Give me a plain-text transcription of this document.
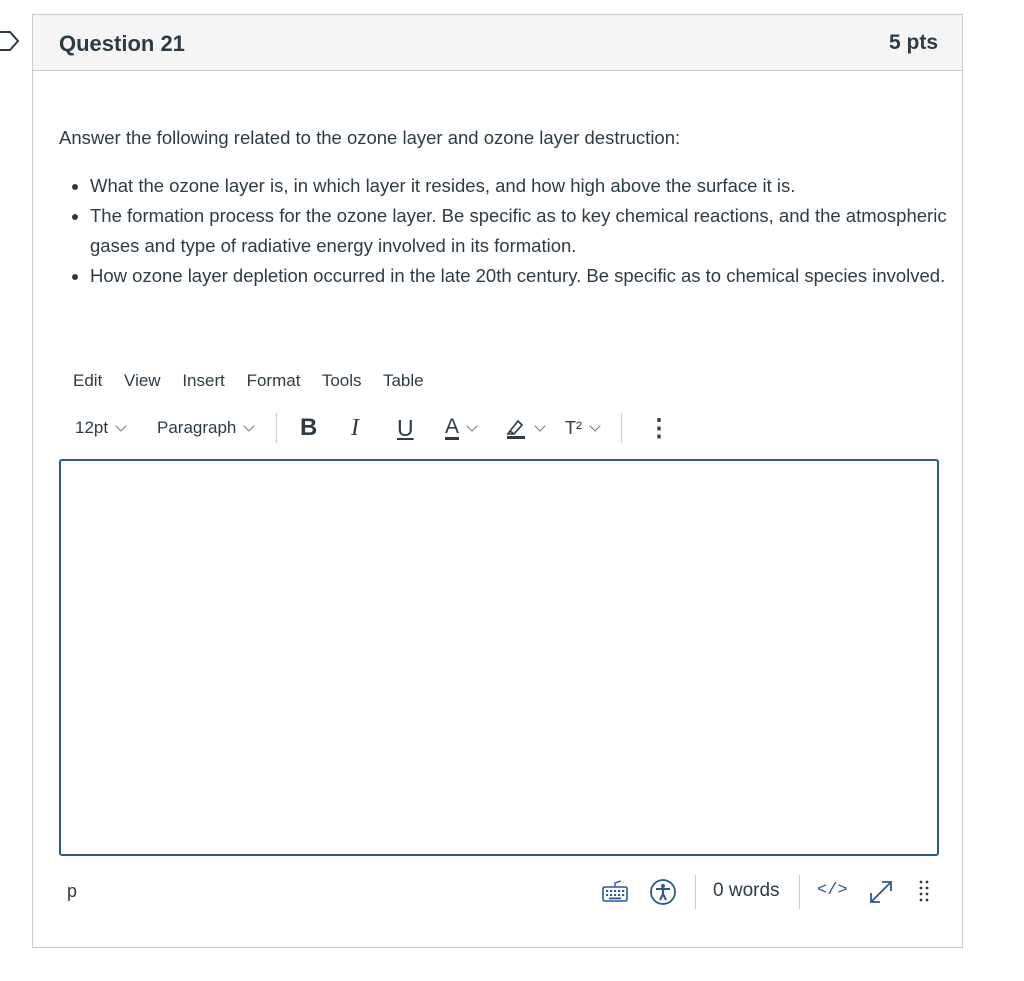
Question 21	5 pts
Answer the following related to the ozone layer and ozone layer destruction:
• What the ozone layer is, in which layer it resides, and how high above the surface it is.
• The formation process for the ozone layer. Be specific as to key chemical reactions, and the atmospheric gases and type of radiative energy involved in its formation.
• How ozone layer depletion occurred in the late 20th century. Be specific as to chemical species involved.
Edit View Insert Format Tools Table
12pt	Paragraph	B I U A	T²	⋮
p	0 words </>
